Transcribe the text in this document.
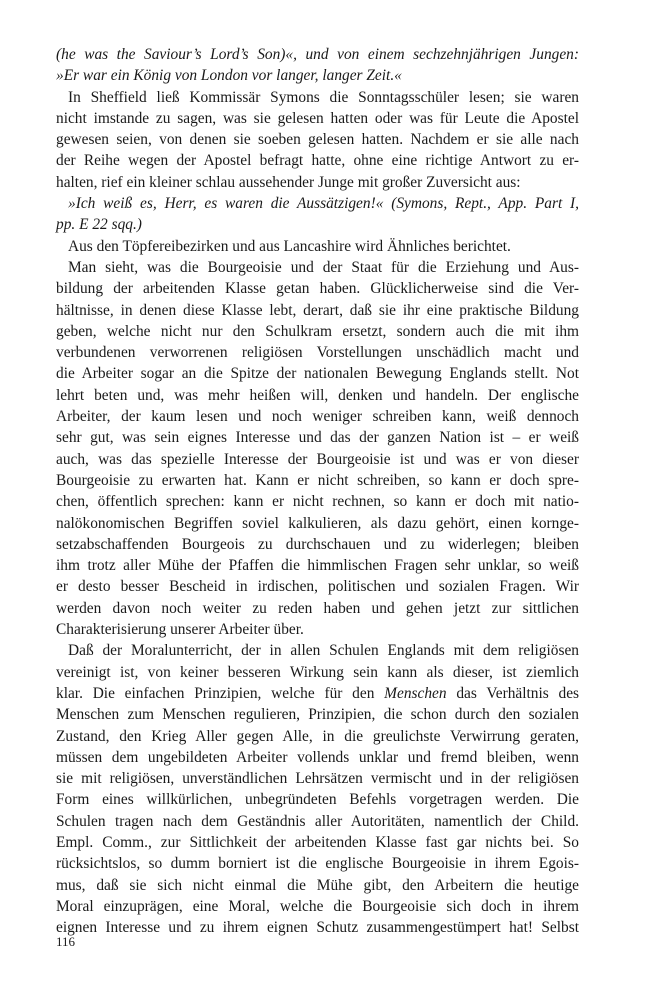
(he was the Saviour’s Lord’s Son)«, und von einem sechzehnjährigen Jungen:
»Er war ein König von London vor langer, langer Zeit.«
In Sheffield ließ Kommissär Symons die Sonntagsschüler lesen; sie waren
nicht imstande zu sagen, was sie gelesen hatten oder was für Leute die Apostel
gewesen seien, von denen sie soeben gelesen hatten. Nachdem er sie alle nach
der Reihe wegen der Apostel befragt hatte, ohne eine richtige Antwort zu er-
halten, rief ein kleiner schlau aussehender Junge mit großer Zuversicht aus:
»Ich weiß es, Herr, es waren die Aussätzigen!« (Symons, Rept., App. Part I,
pp. E 22 sqq.)
Aus den Töpfereibezirken und aus Lancashire wird Ähnliches berichtet.
Man sieht, was die Bourgeoisie und der Staat für die Erziehung und Aus-
bildung der arbeitenden Klasse getan haben. Glücklicherweise sind die Ver-
hältnisse, in denen diese Klasse lebt, derart, daß sie ihr eine praktische Bildung
geben, welche nicht nur den Schulkram ersetzt, sondern auch die mit ihm
verbundenen verworrenen religiösen Vorstellungen unschädlich macht und
die Arbeiter sogar an die Spitze der nationalen Bewegung Englands stellt. Not
lehrt beten und, was mehr heißen will, denken und handeln. Der englische
Arbeiter, der kaum lesen und noch weniger schreiben kann, weiß dennoch
sehr gut, was sein eignes Interesse und das der ganzen Nation ist – er weiß
auch, was das spezielle Interesse der Bourgeoisie ist und was er von dieser
Bourgeoisie zu erwarten hat. Kann er nicht schreiben, so kann er doch spre-
chen, öffentlich sprechen: kann er nicht rechnen, so kann er doch mit natio-
nalökonomischen Begriffen soviel kalkulieren, als dazu gehört, einen kornge-
setzabschaffenden Bourgeois zu durchschauen und zu widerlegen; bleiben
ihm trotz aller Mühe der Pfaffen die himmlischen Fragen sehr unklar, so weiß
er desto besser Bescheid in irdischen, politischen und sozialen Fragen. Wir
werden davon noch weiter zu reden haben und gehen jetzt zur sittlichen
Charakterisierung unserer Arbeiter über.
Daß der Moralunterricht, der in allen Schulen Englands mit dem religiösen
vereinigt ist, von keiner besseren Wirkung sein kann als dieser, ist ziemlich
klar. Die einfachen Prinzipien, welche für den Menschen das Verhältnis des
Menschen zum Menschen regulieren, Prinzipien, die schon durch den sozialen
Zustand, den Krieg Aller gegen Alle, in die greulichste Verwirrung geraten,
müssen dem ungebildeten Arbeiter vollends unklar und fremd bleiben, wenn
sie mit religiösen, unverständlichen Lehrsätzen vermischt und in der religiösen
Form eines willkürlichen, unbegründeten Befehls vorgetragen werden. Die
Schulen tragen nach dem Geständnis aller Autoritäten, namentlich der Child.
Empl. Comm., zur Sittlichkeit der arbeitenden Klasse fast gar nichts bei. So
rücksichtslos, so dumm borniert ist die englische Bourgeoisie in ihrem Egois-
mus, daß sie sich nicht einmal die Mühe gibt, den Arbeitern die heutige
Moral einzuprägen, eine Moral, welche die Bourgeoisie sich doch in ihrem
eignen Interesse und zu ihrem eignen Schutz zusammengestümpert hat! Selbst
116
